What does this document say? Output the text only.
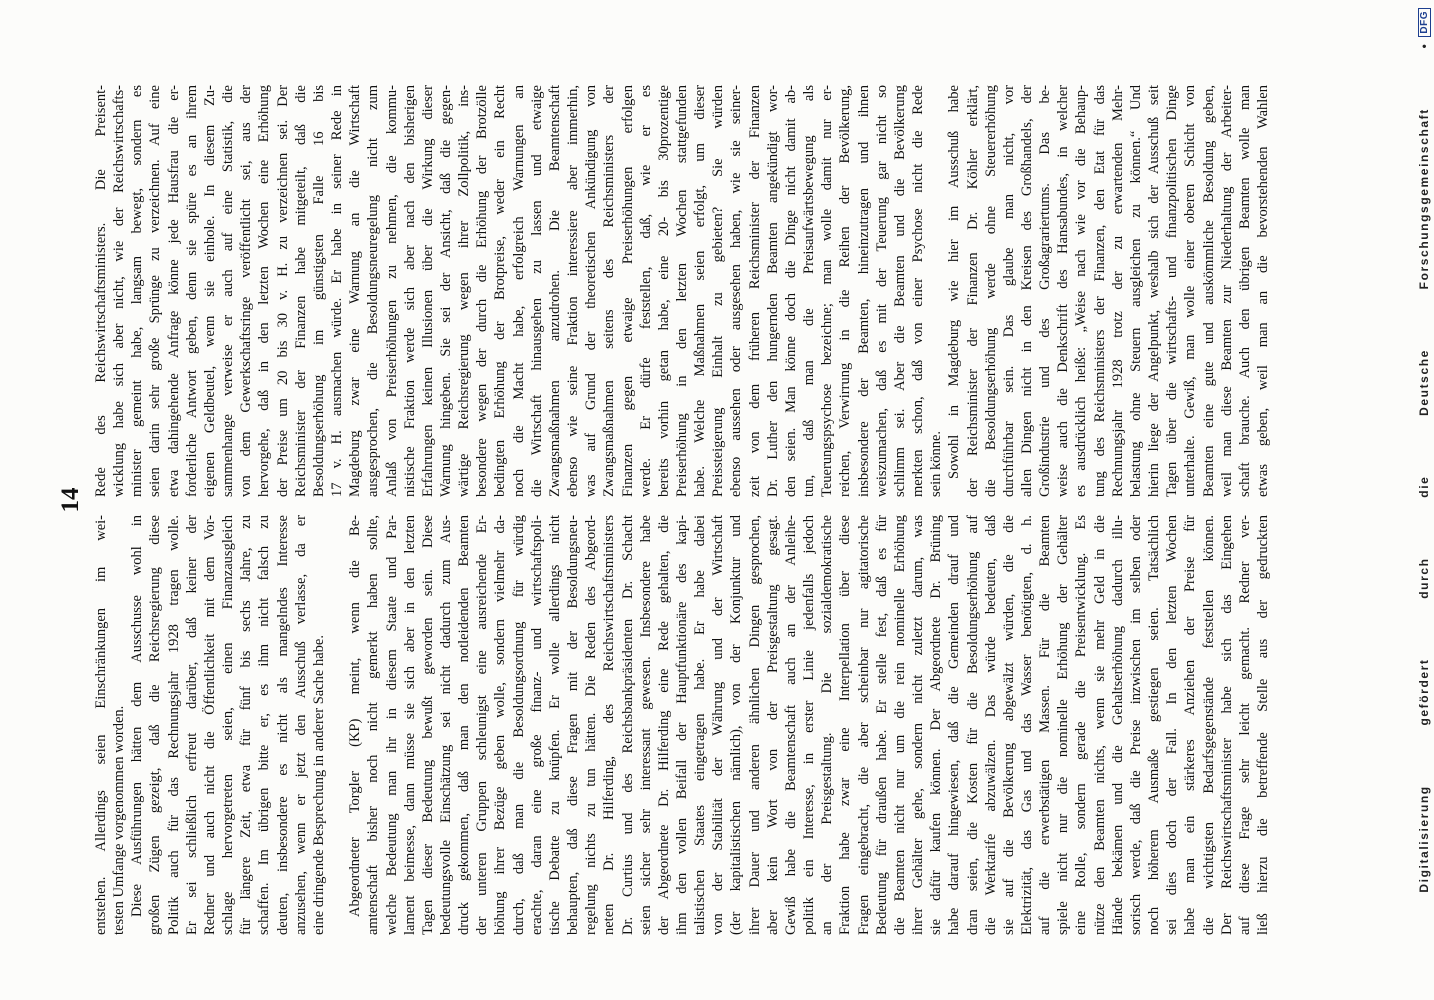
14
entstehen. Allerdings seien Einschränkungen im wei- testen Umfange vorgenommen worden. Diese Ausführungen hätten dem Ausschusse wohl in großen Zügen gezeigt, daß die Reichsregierung diese Politik auch für das Rechnungsjahr 1928 tragen wolle. Er sei schließlich erfreut darüber, daß keiner der Redner und auch nicht die Öffentlichkeit mit dem Vor- schlage hervorgetreten seien, einen Finanzausgleich für längere Zeit, etwa für fünf bis sechs Jahre, zu schaffen. Im übrigen bitte er, es ihm nicht falsch zu deuten, insbesondere es nicht als mangelndes Interesse anzusehen, wenn er jetzt den Ausschuß verlasse, da er eine dringende Besprechung in anderer Sache habe. Abgeordneter Torgler (KP) meint, wenn die Be- amtenschaft bisher noch nicht gemerkt haben sollte, welche Bedeutung man ihr in diesem Staate und Par- lament beimesse, dann müsse sie sich aber in den letzten Tagen dieser Bedeutung bewußt geworden sein. Diese bedeutungsvolle Einschätzung sei nicht dadurch zum Aus- druck gekommen, daß man den notleidenden Beamten der unteren Gruppen schleunigst eine ausreichende Er- höhung ihrer Bezüge geben wolle, sondern vielmehr da- durch, daß man die Besoldungsordnung für würdig erachte, daran eine große finanz- und wirtschaftspoli- tische Debatte zu knüpfen. Er wolle allerdings nicht behaupten, daß diese Fragen mit der Besoldungsneu- regelung nichts zu tun hätten. Die Reden des Abgeord- neten Dr. Hilferding, des Reichswirtschaftsministers Dr. Curtius und des Reichsbankpräsidenten Dr. Schacht seien sicher sehr interessant gewesen. Insbesondere habe der Abgeordnete Dr. Hilferding eine Rede gehalten, die ihm den vollen Beifall der Hauptfunktionäre des kapi- talistischen Staates eingetragen habe. Er habe dabei von der Stabilität der Währung und der Wirtschaft (der kapitalistischen nämlich), von der Konjunktur und ihrer Dauer und anderen ähnlichen Dingen gesprochen, aber kein Wort von der Preisgestaltung gesagt. Gewiß habe die Beamtenschaft auch an der Anleihe- politik ein Interesse, in erster Linie jedenfalls jedoch an der Preisgestaltung. Die sozialdemokratische Fraktion habe zwar eine Interpellation über diese Fragen eingebracht, die aber scheinbar nur agitatorische Bedeutung für draußen habe. Er stelle fest, daß es für die Beamten nicht nur um die rein nominelle Erhöhung ihrer Gehälter gehe, sondern nicht zuletzt darum, was sie dafür kaufen können. Der Abgeordnete Dr. Brüning habe darauf hingewiesen, daß die Gemeinden drauf und dran seien, die Kosten für die Besoldungserhöhung auf die Werktarife abzuwälzen. Das würde bedeuten, daß sie auf die Bevölkerung abgewälzt würden, die die Elektrizität, das Gas und das Wasser benötigten, d. h. auf die erwerbstätigen Massen. Für die Beamten spiele nicht nur die nominelle Erhöhung der Gehälter eine Rolle, sondern gerade die Preisentwicklung. Es nütze den Beamten nichts, wenn sie mehr Geld in die Hände bekämen und die Gehaltserhöhung dadurch illu- sorisch werde, daß die Preise inzwischen im selben oder noch höherem Ausmaße gestiegen seien. Tatsächlich sei dies doch der Fall. In den letzten Wochen habe man ein stärkeres Anziehen der Preise für die wichtigsten Bedarfsgegenstände feststellen können. Der Reichswirtschaftsminister habe sich das Eingehen auf diese Frage sehr leicht gemacht. Redner ver- ließ hierzu die betreffende Stelle aus der gedruckten
Rede des Reichswirtschaftsministers. Die Preisent- wicklung habe sich aber nicht, wie der Reichswirtschafts- minister gemeint habe, langsam bewegt, sondern es seien darin sehr große Sprünge zu verzeichnen. Auf eine etwa dahingehende Anfrage könne jede Hausfrau die er- forderliche Antwort geben, denn sie spüre es an ihrem eigenen Geldbeutel, wenn sie einhole. In diesem Zu- sammenhange verweise er auch auf eine Statistik, die von dem Gewerkschaftsringe veröffentlicht sei, aus der hervorgehe, daß in den letzten Wochen eine Erhöhung der Preise um 20 bis 30 v. H. zu verzeichnen sei. Der Reichsminister der Finanzen habe mitgeteilt, daß die Besoldungserhöhung im günstigsten Falle 16 bis 17 v. H. ausmachen würde. Er habe in seiner Rede in Magdeburg zwar eine Warnung an die Wirtschaft ausgesprochen, die Besoldungsneuregelung nicht zum Anlaß von Preiserhöhungen zu nehmen, die kommu- nistische Fraktion werde sich aber nach den bisherigen Erfahrungen keinen Illusionen über die Wirkung dieser Warnung hingeben. Sie sei der Ansicht, daß die gegen- wärtige Reichsregierung wegen ihrer Zollpolitik, ins- besondere wegen der durch die Erhöhung der Brotzölle bedingten Erhöhung der Brotpreise, weder ein Recht noch die Macht habe, erfolgreich Warnungen an die Wirtschaft hinausgehen zu lassen und etwaige Zwangsmaßnahmen anzudrohen. Die Beamtenschaft ebenso wie seine Fraktion interessiere aber immerhin, was auf Grund der theoretischen Ankündigung von Zwangsmaßnahmen seitens des Reichsministers der Finanzen gegen etwaige Preiserhöhungen erfolgen werde. Er dürfe feststellen, daß, wie er es bereits vorhin getan habe, eine 20- bis 30prozentige Preiserhöhung in den letzten Wochen stattgefunden habe. Welche Maßnahmen seien erfolgt, um dieser Preissteigerung Einhalt zu gebieten? Sie würden ebenso aussehen oder ausgesehen haben, wie sie seiner- zeit von dem früheren Reichsminister der Finanzen Dr. Luther den hungernden Beamten angekündigt wor- den seien. Man könne doch die Dinge nicht damit ab- tun, daß man die Preisaufwärtsbewegung als Teuerungspsychose bezeichne; man wolle damit nur er- reichen, Verwirrung in die Reihen der Bevölkerung, insbesondere der Beamten, hineinzutragen und ihnen weiszumachen, daß es mit der Teuerung gar nicht so schlimm sei. Aber die Beamten und die Bevölkerung merkten schon, daß von einer Psychose nicht die Rede sein könne. Sowohl in Magdeburg wie hier im Ausschuß habe der Reichsminister der Finanzen Dr. Köhler erklärt, die Besoldungserhöhung werde ohne Steuererhöhung durchführbar sein. Das glaube man nicht, vor allen Dingen nicht in den Kreisen des Großhandels, der Großindustrie und des Großagrariertums. Das be- weise auch die Denkschrift des Hansabundes, in welcher es ausdrücklich heiße: „Weise nach wie vor die Behaup- tung des Reichsministers der Finanzen, den Etat für das Rechnungsjahr 1928 trotz der zu erwartenden Mehr- belastung ohne Steuern ausgleichen zu können.“ Und hierin liege der Angelpunkt, weshalb sich der Ausschuß seit Tagen über die wirtschafts- und finanzpolitischen Dinge unterhalte. Gewiß, man wolle einer oberen Schicht von Beamten eine gute und auskömmliche Besoldung geben, weil man diese Beamten zur Niederhaltung der Arbeiter- schaft brauche. Auch den übrigen Beamten wolle man etwas geben, weil man an die bevorstehenden Wahlen	Digitalisierung gefördert durch die Deutsche Forschungsgemeinschaft •
DFG
